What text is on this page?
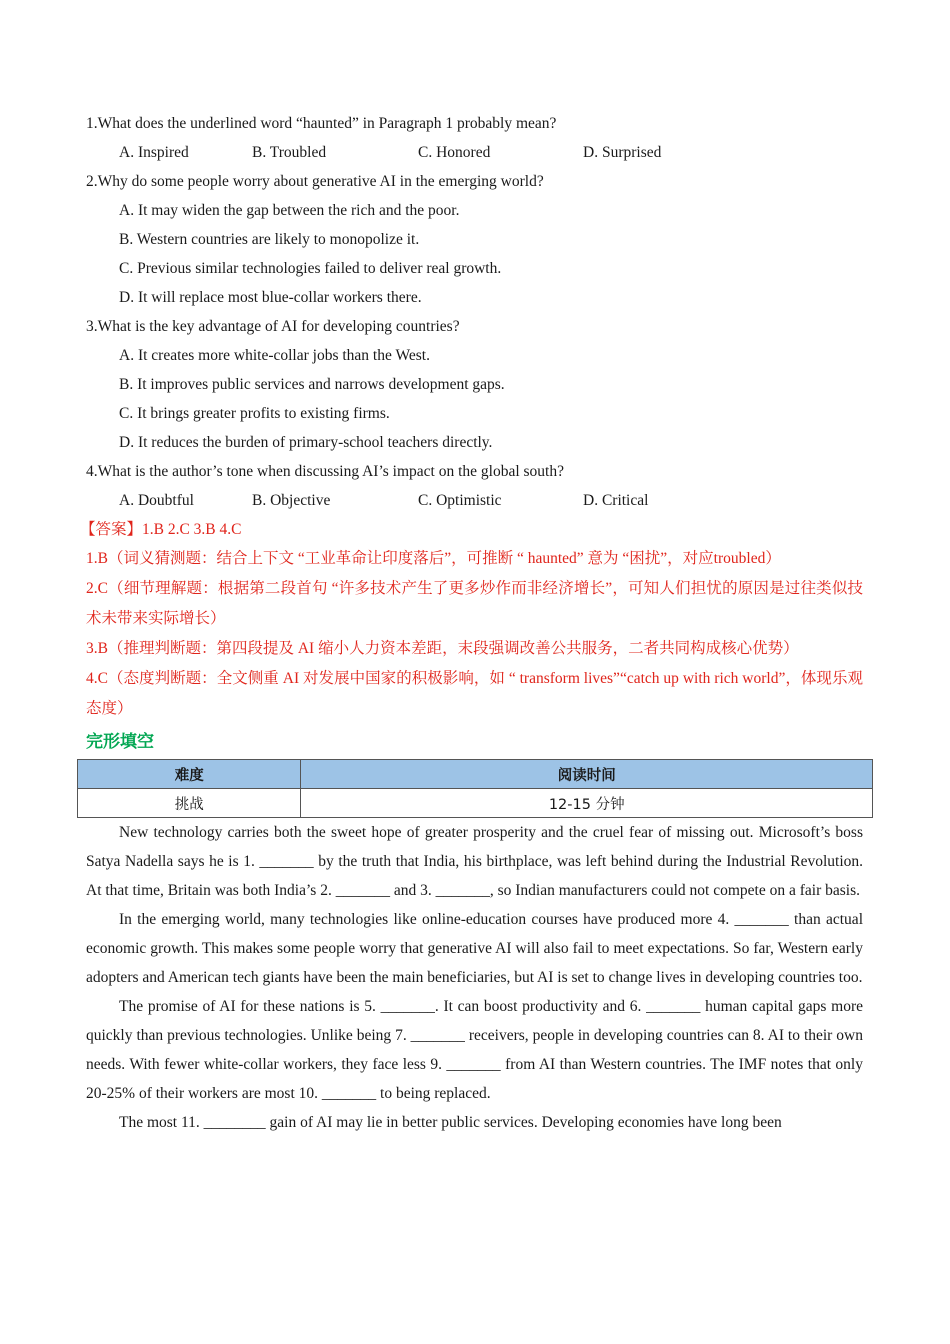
1.What does the underlined word “haunted” in Paragraph 1 probably mean?
A. Inspired	B. Troubled	C. Honored	D. Surprised
2.Why do some people worry about generative AI in the emerging world?
A. It may widen the gap between the rich and the poor.
B. Western countries are likely to monopolize it.
C. Previous similar technologies failed to deliver real growth.
D. It will replace most blue-collar workers there.
3.What is the key advantage of AI for developing countries?
A. It creates more white-collar jobs than the West.
B. It improves public services and narrows development gaps.
C. It brings greater profits to existing firms.
D. It reduces the burden of primary-school teachers directly.
4.What is the author’s tone when discussing AI’s impact on the global south?
A. Doubtful	B. Objective	C. Optimistic	D. Critical
【答案】1.B 2.C 3.B 4.C
1.B（词义猜测题：结合上下文 “工业革命让印度落后”，可推断 “ haunted” 意为 “困扰”，对应troubled）
2.C（细节理解题：根据第二段首句 “许多技术产生了更多炒作而非经济增长”，可知人们担忧的原因是过往类似技术未带来实际增长）
3.B（推理判断题：第四段提及 AI 缩小人力资本差距，末段强调改善公共服务，二者共同构成核心优势）
4.C（态度判断题：全文侧重 AI 对发展中国家的积极影响，如 “ transform lives”“catch up with rich world”，体现乐观态度）
完形填空
难度	阅读时间
挑战	12-15 分钟

New technology carries both the sweet hope of greater prosperity and the cruel fear of missing out. Microsoft’s boss Satya Nadella says he is 1. _______ by the truth that India, his birthplace, was left behind during the Industrial Revolution. At that time, Britain was both India’s 2. _______ and 3. _______, so Indian manufacturers could not compete on a fair basis.

In the emerging world, many technologies like online-education courses have produced more 4. _______ than actual economic growth. This makes some people worry that generative AI will also fail to meet expectations. So far, Western early adopters and American tech giants have been the main beneficiaries, but AI is set to change lives in developing countries too.

The promise of AI for these nations is 5. _______. It can boost productivity and 6. _______ human capital gaps more quickly than previous technologies. Unlike being 7. _______ receivers, people in developing countries can 8. AI to their own needs. With fewer white-collar workers, they face less 9. _______ from AI than Western countries. The IMF notes that only 20-25% of their workers are most 10. _______ to being replaced.

The most 11. ________ gain of AI may lie in better public services. Developing economies have long been
